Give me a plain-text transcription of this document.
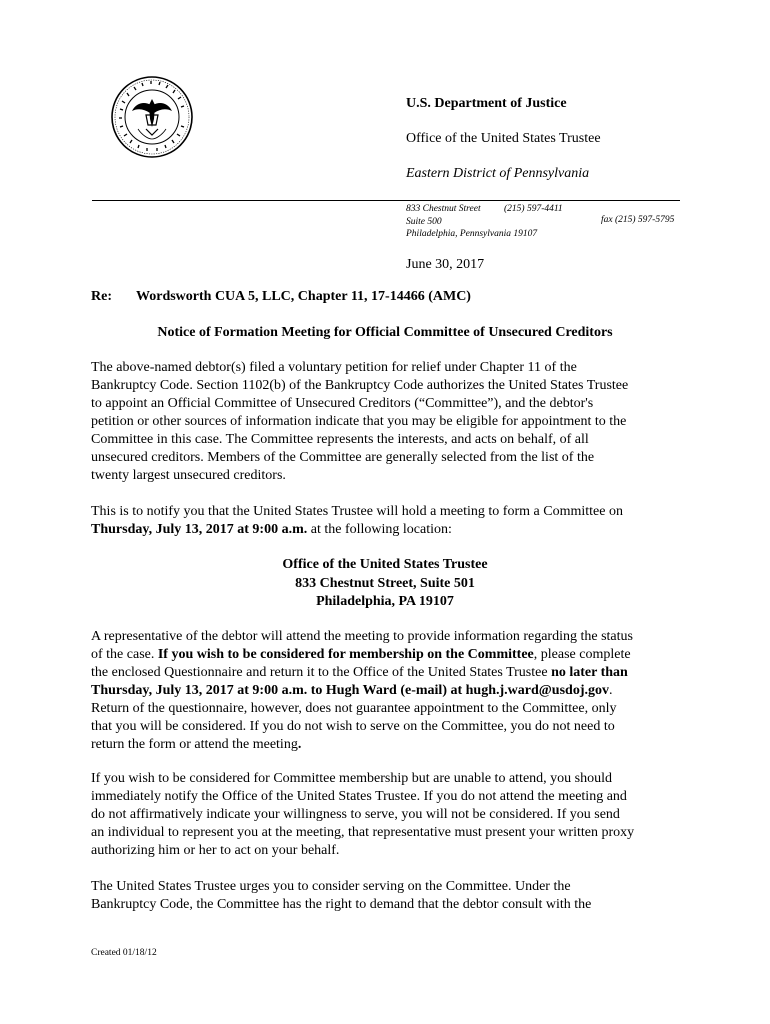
U.S. Department of Justice
Office of the United States Trustee
Eastern District of Pennsylvania
833 Chestnut Street	(215) 597-4411
Suite 500
Philadelphia, Pennsylvania 19107
fax (215) 597-5795
June 30, 2017
Re: Wordsworth CUA 5, LLC, Chapter 11, 17-14466 (AMC)
Notice of Formation Meeting for Official Committee of Unsecured Creditors
The above-named debtor(s) filed a voluntary petition for relief under Chapter 11 of the
Bankruptcy Code. Section 1102(b) of the Bankruptcy Code authorizes the United States Trustee
to appoint an Official Committee of Unsecured Creditors (“Committee”), and the debtor's
petition or other sources of information indicate that you may be eligible for appointment to the
Committee in this case. The Committee represents the interests, and acts on behalf, of all
unsecured creditors. Members of the Committee are generally selected from the list of the
twenty largest unsecured creditors.
This is to notify you that the United States Trustee will hold a meeting to form a Committee on
Thursday, July 13, 2017 at 9:00 a.m. at the following location:
Office of the United States Trustee
833 Chestnut Street, Suite 501
Philadelphia, PA 19107
A representative of the debtor will attend the meeting to provide information regarding the status
of the case. If you wish to be considered for membership on the Committee, please complete
the enclosed Questionnaire and return it to the Office of the United States Trustee no later than
Thursday, July 13, 2017 at 9:00 a.m. to Hugh Ward (e-mail) at hugh.j.ward@usdoj.gov.
Return of the questionnaire, however, does not guarantee appointment to the Committee, only
that you will be considered. If you do not wish to serve on the Committee, you do not need to
return the form or attend the meeting.
If you wish to be considered for Committee membership but are unable to attend, you should
immediately notify the Office of the United States Trustee. If you do not attend the meeting and
do not affirmatively indicate your willingness to serve, you will not be considered. If you send
an individual to represent you at the meeting, that representative must present your written proxy
authorizing him or her to act on your behalf.
The United States Trustee urges you to consider serving on the Committee. Under the
Bankruptcy Code, the Committee has the right to demand that the debtor consult with the
Created 01/18/12
